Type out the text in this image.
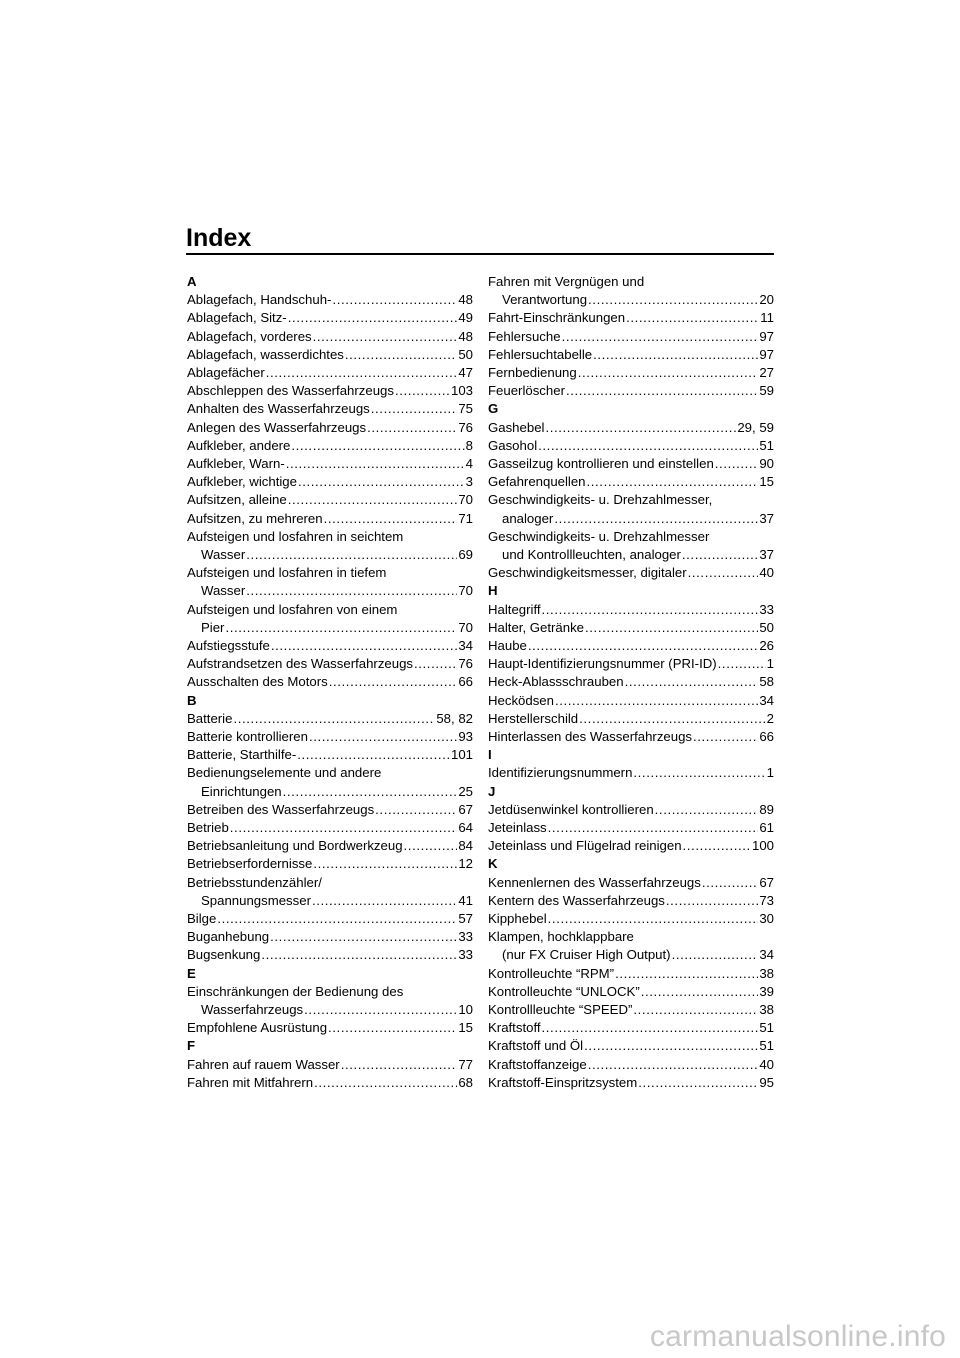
Index
A
Ablagefach, Handschuh- .....	48
Ablagefach, Sitz- .....	49
Ablagefach, vorderes .....	48
Ablagefach, wasserdichtes .....	50
Ablagefächer .....	47
Abschleppen des Wasserfahrzeugs .....	103
Anhalten des Wasserfahrzeugs .....	75
Anlegen des Wasserfahrzeugs .....	76
Aufkleber, andere .....	8
Aufkleber, Warn- .....	4
Aufkleber, wichtige .....	3
Aufsitzen, alleine .....	70
Aufsitzen, zu mehreren .....	71
Aufsteigen und losfahren in seichtem
Wasser .....	69
Aufsteigen und losfahren in tiefem
Wasser .....	70
Aufsteigen und losfahren von einem
Pier .....	70
Aufstiegsstufe .....	34
Aufstrandsetzen des Wasserfahrzeugs .....	76
Ausschalten des Motors .....	66
B
Batterie .....	58, 82
Batterie kontrollieren .....	93
Batterie, Starthilfe- .....	101
Bedienungselemente und andere
Einrichtungen .....	25
Betreiben des Wasserfahrzeugs .....	67
Betrieb .....	64
Betriebsanleitung und Bordwerkzeug .....	84
Betriebserfordernisse .....	12
Betriebsstundenzähler/
Spannungsmesser .....	41
Bilge .....	57
Buganhebung .....	33
Bugsenkung .....	33
E
Einschränkungen der Bedienung des
Wasserfahrzeugs .....	10
Empfohlene Ausrüstung .....	15
F
Fahren auf rauem Wasser .....	77
Fahren mit Mitfahrern .....	68
Fahren mit Vergnügen und
Verantwortung .....	20
Fahrt-Einschränkungen .....	11
Fehlersuche .....	97
Fehlersuchtabelle .....	97
Fernbedienung .....	27
Feuerlöscher .....	59
G
Gashebel .....	29, 59
Gasohol .....	51
Gasseilzug kontrollieren und einstellen .....	90
Gefahrenquellen .....	15
Geschwindigkeits- u. Drehzahlmesser,
analoger .....	37
Geschwindigkeits- u. Drehzahlmesser
und Kontrollleuchten, analoger .....	37
Geschwindigkeitsmesser, digitaler .....	40
H
Haltegriff .....	33
Halter, Getränke .....	50
Haube .....	26
Haupt-Identifizierungsnummer (PRI-ID) .....	1
Heck-Ablassschrauben .....	58
Hecködsen .....	34
Herstellerschild .....	2
Hinterlassen des Wasserfahrzeugs .....	66
I
Identifizierungsnummern .....	1
J
Jetdüsenwinkel kontrollieren .....	89
Jeteinlass .....	61
Jeteinlass und Flügelrad reinigen .....	100
K
Kennenlernen des Wasserfahrzeugs .....	67
Kentern des Wasserfahrzeugs .....	73
Kipphebel .....	30
Klampen, hochklappbare
(nur FX Cruiser High Output) .....	34
Kontrolleuchte “RPM” .....	38
Kontrolleuchte “UNLOCK” .....	39
Kontrollleuchte “SPEED” .....	38
Kraftstoff .....	51
Kraftstoff und Öl .....	51
Kraftstoffanzeige .....	40
Kraftstoff-Einspritzsystem .....	95
carmanualsonline.info
